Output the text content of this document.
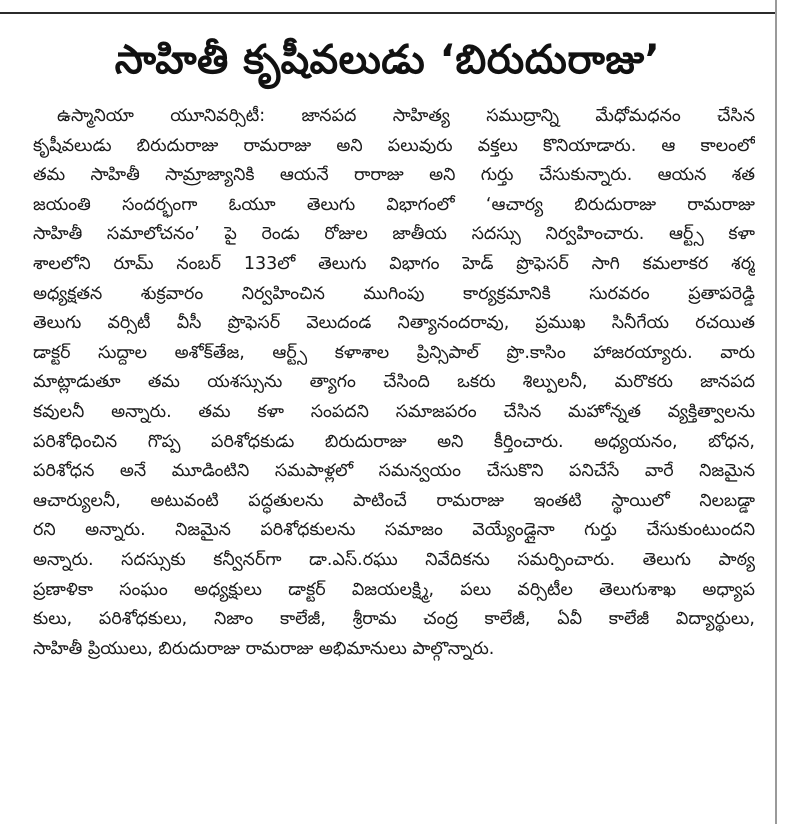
సాహితీ కృషీవలుడు ‘బిరుదురాజు’
ఉస్మానియా యూనివర్సిటీ: జానపద సాహిత్య సముద్రాన్ని మేధోమధనం చేసిన
కృషీవలుడు బిరుదురాజు రామరాజు అని పలువురు వక్తలు కొనియాడారు. ఆ కాలంలో
తమ సాహితీ సామ్రాజ్యానికి ఆయనే రారాజు అని గుర్తు చేసుకున్నారు. ఆయన శత
జయంతి సందర్భంగా ఓయూ తెలుగు విభాగంలో ‘ఆచార్య బిరుదురాజు రామరాజు
సాహితీ సమాలోచనం’ పై రెండు రోజుల జాతీయ సదస్సు నిర్వహించారు. ఆర్ట్స్ కళా
శాలలోని రూమ్ నంబర్ 133లో తెలుగు విభాగం హెడ్ ప్రొఫెసర్ సాగి కమలాకర శర్మ
అధ్యక్షతన శుక్రవారం నిర్వహించిన ముగింపు కార్యక్రమానికి సురవరం ప్రతాపరెడ్డి
తెలుగు వర్సిటీ వీసీ ప్రొఫెసర్ వెలుదండ నిత్యానందరావు, ప్రముఖ సినీగేయ రచయిత
డాక్టర్ సుద్దాల అశోక్‌తేజ, ఆర్ట్స్ కళాశాల ప్రిన్సిపాల్ ప్రొ.కాసిం హాజరయ్యారు. వారు
మాట్లాడుతూ తమ యశస్సును త్యాగం చేసింది ఒకరు శిల్పులనీ, మరొకరు జానపద
కవులనీ అన్నారు. తమ కళా సంపదని సమాజపరం చేసిన మహోన్నత వ్యక్తిత్వాలను
పరిశోధించిన గొప్ప పరిశోధకుడు బిరుదురాజు అని కీర్తించారు. అధ్యయనం, బోధన,
పరిశోధన అనే మూడింటిని సమపాళ్లలో సమన్వయం చేసుకొని పనిచేసే వారే నిజమైన
ఆచార్యులనీ, అటువంటి పద్ధతులను పాటించే రామరాజు ఇంతటి స్థాయిలో నిలబడ్డా
రని అన్నారు. నిజమైన పరిశోధకులను సమాజం వెయ్యేండ్లైనా గుర్తు చేసుకుంటుందని
అన్నారు. సదస్సుకు కన్వీనర్‌గా డా.ఎస్.రఘు నివేదికను సమర్పించారు. తెలుగు పాఠ్య
ప్రణాళికా సంఘం అధ్యక్షులు డాక్టర్ విజయలక్ష్మి, పలు వర్సిటీల తెలుగుశాఖ అధ్యాప
కులు, పరిశోధకులు, నిజాం కాలేజీ, శ్రీరామ చంద్ర కాలేజీ, ఏవీ కాలేజీ విద్యార్థులు,
సాహితీ ప్రియులు, బిరుదురాజు రామరాజు అభిమానులు పాల్గొన్నారు.
